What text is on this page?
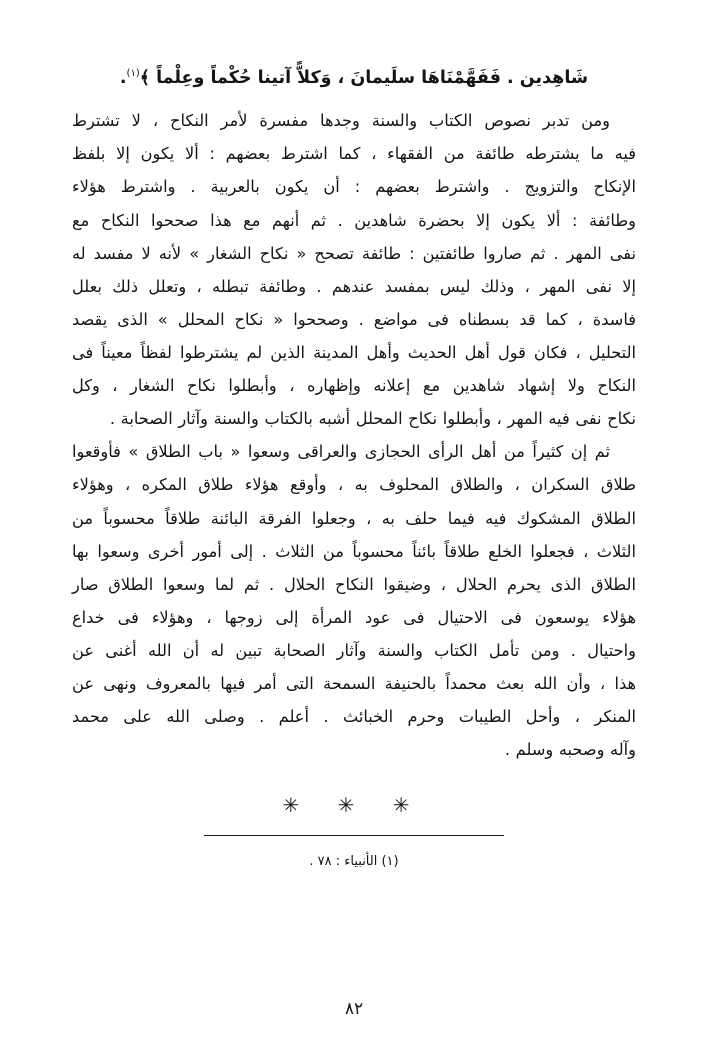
شَاهِدين . فَفَهَّمْنَاهَا سلَيمانَ ، وَكلاًّ آتينا حُكْماً وعِلْماً ﴾$^{(١)}$.

ومن تدبر نصوص الكتاب والسنة وجدها مفسرة لأمر النكاح ، لا تشترط

فيه ما يشترطه طائفة من الفقهاء ، كما اشترط بعضهم : ألا يكون إلا بلفظ

الإنكاح والتزويج . واشترط بعضهم : أن يكون بالعربية . واشترط هؤلاء

وطائفة : ألا يكون إلا بحضرة شاهدين . ثم أنهم مع هذا صححوا النكاح مع

نفى المهر . ثم صاروا طائفتين : طائفة تصحح « نكاح الشغار » لأنه لا مفسد له

إلا نفى المهر ، وذلك ليس بمفسد عندهم . وطائفة تبطله ، وتعلل ذلك بعلل

فاسدة ، كما قد بسطناه فى مواضع . وصححوا « نكاح المحلل » الذى يقصد

التحليل ، فكان قول أهل الحديث وأهل المدينة الذين لم يشترطوا لفظاً معيناً فى

النكاح ولا إشهاد شاهدين مع إعلانه وإظهاره ، وأبطلوا نكاح الشغار ، وكل

نكاح نفى فيه المهر ، وأبطلوا نكاح المحلل أشبه بالكتاب والسنة وآثار الصحابة .

ثم إن كثيراً من أهل الرأى الحجازى والعراقى وسعوا « باب الطلاق » فأوقعوا

طلاق السكران ، والطلاق المحلوف به ، وأوقع هؤلاء طلاق المكره ، وهؤلاء

الطلاق المشكوك فيه فيما حلف به ، وجعلوا الفرقة البائنة طلاقاً محسوباً من

الثلاث ، فجعلوا الخلع طلاقاً بائناً محسوباً من الثلاث . إلى أمور أخرى وسعوا بها

الطلاق الذى يحرم الحلال ، وضيقوا النكاح الحلال . ثم لما وسعوا الطلاق صار

هؤلاء يوسعون فى الاحتيال فى عود المرأة إلى زوجها ، وهؤلاء فى خداع

واحتيال . ومن تأمل الكتاب والسنة وآثار الصحابة تبين له أن الله أغنى عن

هذا ، وأن الله بعث محمداً بالحنيفة السمحة التى أمر فيها بالمعروف ونهى عن

المنكر ، وأحل الطيبات وحرم الخبائث . أعلم . وصلى الله على محمد

وآله وصحبه وسلم .

✳ ✳ ✳
(١) الأنبياء : ٧٨ .
٨٢
